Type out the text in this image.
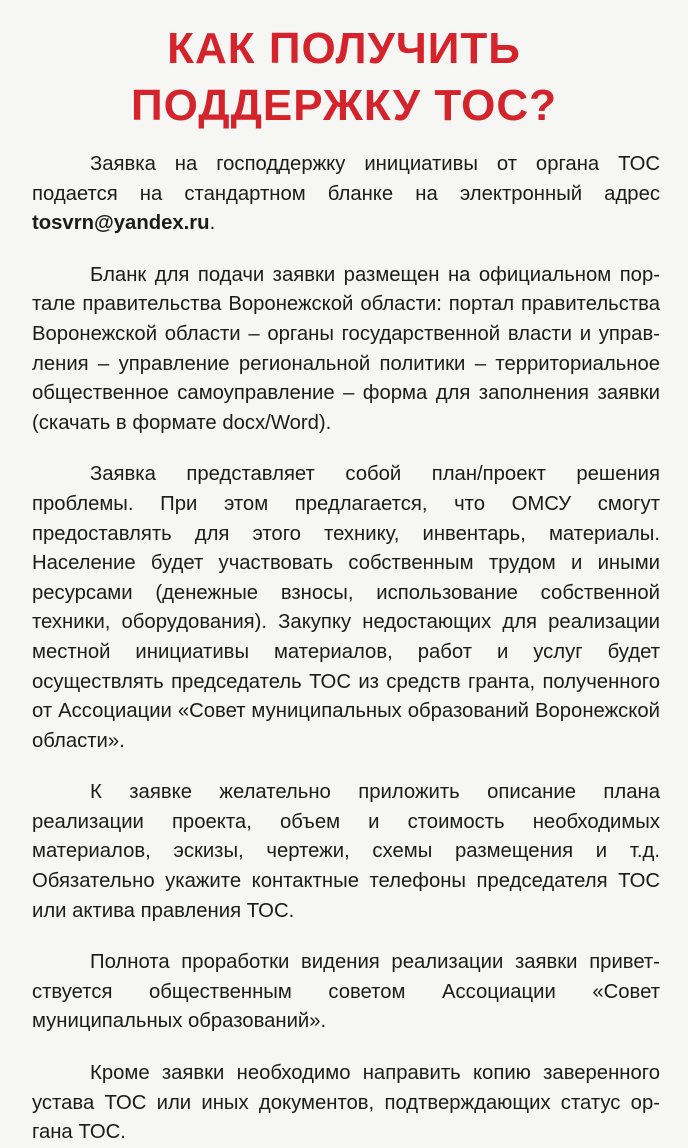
КАК ПОЛУЧИТЬ
ПОДДЕРЖКУ ТОС?

Заявка на господдержку инициативы от органа ТОС подается на стандартном бланке на электронный адрес tosvrn@yandex.ru.

Бланк для подачи заявки размещен на официальном портале правительства Воронежской области: портал правительства Воронежской области – органы государственной власти и управления – управление региональной политики – территориальное общественное самоуправление – форма для заполнения заявки (скачать в формате docx/Word).

Заявка представляет собой план/проект решения проблемы. При этом предлагается, что ОМСУ смогут предоставлять для этого технику, инвентарь, материалы. Население будет участвовать собственным трудом и иными ресурсами (денежные взносы, использование собственной техники, оборудования). Закупку недостающих для реализации местной инициативы материалов, работ и услуг будет осуществлять председатель ТОС из средств гранта, полученного от Ассоциации «Совет муниципальных образований Воронежской области».

К заявке желательно приложить описание плана реализации проекта, объем и стоимость необходимых материалов, эскизы, чертежи, схемы размещения и т.д. Обязательно укажите контактные телефоны председателя ТОС или актива правления ТОС.

Полнота проработки видения реализации заявки приветствуется общественным советом Ассоциации «Совет муниципальных образований».

Кроме заявки необходимо направить копию заверенного устава ТОС или иных документов, подтверждающих статус органа ТОС.
